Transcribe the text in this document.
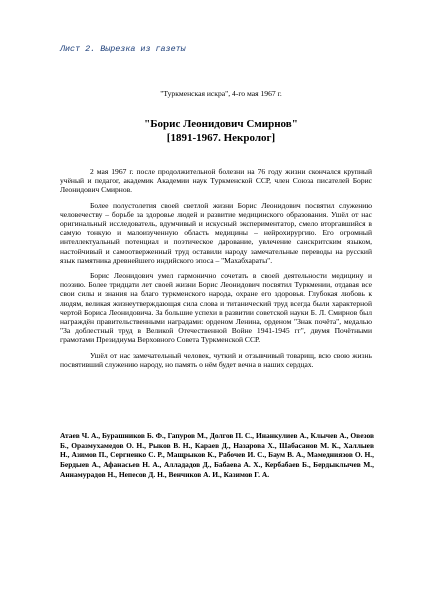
Лист 2. Вырезка из газеты
"Туркменская искра", 4-го мая 1967 г.
"Борис Леонидович Смирнов"
[1891-1967. Некролог]

2 мая 1967 г. после продолжительной болезни на 76 году жизни скончался крупный учёный и педагог, академик Академии наук Туркменской ССР, член Союза писателей Борис Леонидович Смирнов.

Более полустолетия своей светлой жизни Борис Леонидович посвятил служению человечеству – борьбе за здоровье людей и развитие медицинского образования. Ушёл от нас оригинальный исследователь, вдумчивый и искусный экспериментатор, смело вторгавшийся в самую тонкую и малоизученную область медицины – нейрохирургию. Его огромный интеллектуальный потенциал и поэтическое дарование, увлечение санскритским языком, настойчивый и самоотверженный труд оставили народу замечательные переводы на русский язык памятника древнейшего индийского эпоса – "Махабхараты".

Борис Леонидович умел гармонично сочетать в своей деятельности медицину и поэзию. Более тридцати лет своей жизни Борис Леонидович посвятил Туркмении, отдавая все свои силы и знания на благо туркменского народа, охране его здоровья. Глубокая любовь к людям, великая жизнеутверждающая сила слова и титанический труд всегда были характерной чертой Бориса Леонидовича. За большие успехи в развитии советской науки Б. Л. Смирнов был награждён правительственными наградами: орденом Ленина, орденом "Знак почёта", медалью "За доблестный труд в Великой Отечественной Войне 1941-1945 гг", двумя Почётными грамотами Президиума Верховного Совета Туркменской ССР.

Ушёл от нас замечательный человек, чуткий и отзывчивый товарищ, всю свою жизнь посвятивший служению народу, но память о нём будет вечна в наших сердцах.

Атаев Ч. А., Бурашников Б. Ф., Гапуров М., Долгов П. С., Инанкулиев А., Клычев А., Овезов Б., Оразмухамедов О. Н., Рыков В. Н., Караев Д., Назарова Х., Шабасанов М. К., Халлыев Н., Азимов П., Сергиенко С. Р., Мащрыков К., Рабочев И. С., Баум В. А., Мамедниязов О. Н., Бердыев А., Афанасьев Н. А., Аллададов Д., Бабаева А. Х., Кербабаев Б., Бердыклычев М., Аннамурадов Н., Непесов Д. Н., Венчиков А. И., Казимов Г. А.
